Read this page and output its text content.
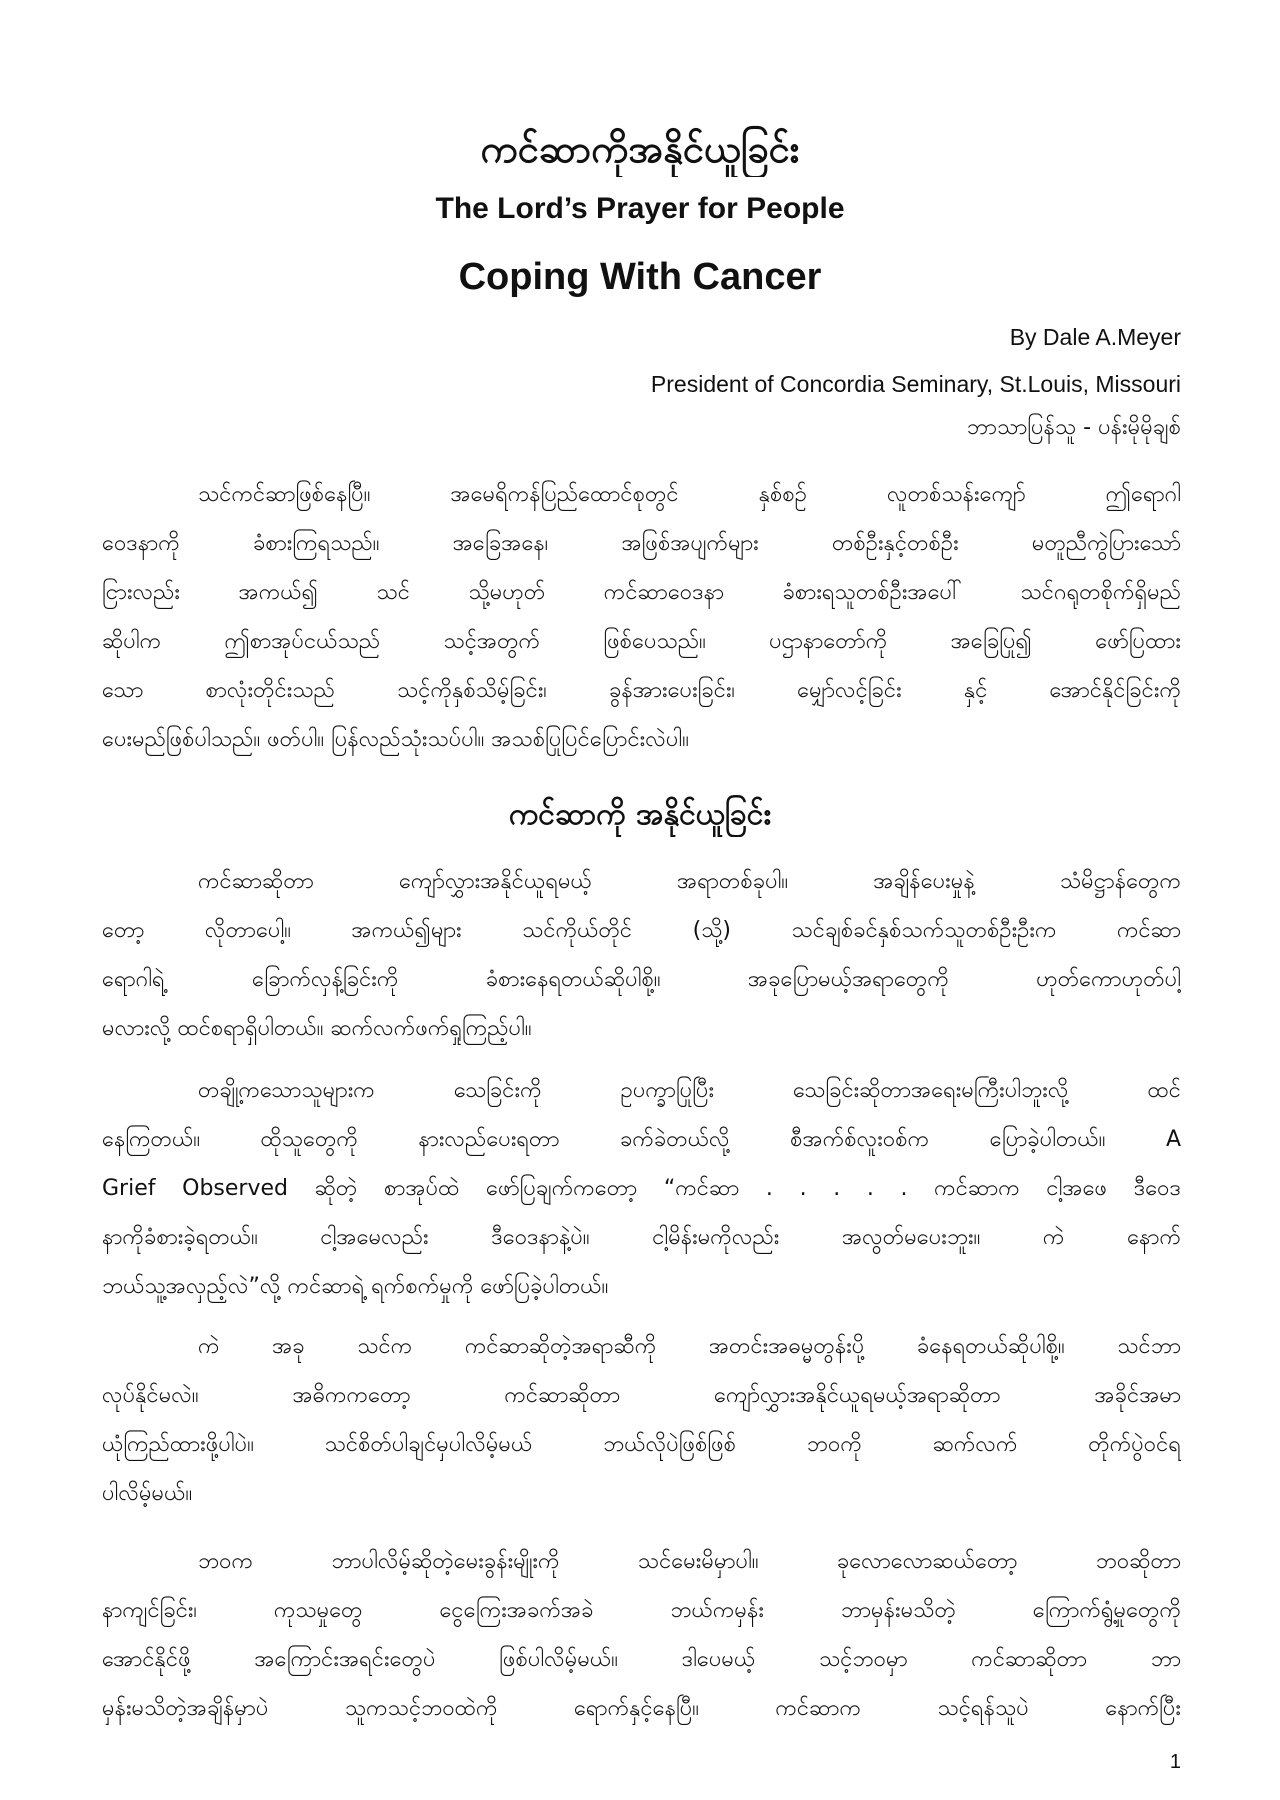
ကင်ဆာကိုအနိုင်ယူခြင်း
The Lord’s Prayer for People
Coping With Cancer
By Dale A.Meyer
President of Concordia Seminary, St.Louis, Missouri
ဘာသာပြန်သူ - ပန်းမိုမိုချစ်
သင်ကင်ဆာဖြစ်နေပြီ။ အမေရိကန်ပြည်ထောင်စုတွင် နှစ်စဉ် လူတစ်သန်းကျော် ဤရောဂါ
ဝေဒနာကို ခံစားကြရသည်။ အခြေအနေ၊ အဖြစ်အပျက်များ တစ်ဦးနှင့်တစ်ဦး မတူညီကွဲပြားသော်
ငြားလည်း အကယ်၍ သင် သို့မဟုတ် ကင်ဆာဝေဒနာ ခံစားရသူတစ်ဦးအပေါ် သင်ဂရုတစိုက်ရှိမည်
ဆိုပါက ဤစာအုပ်ငယ်သည် သင့်အတွက် ဖြစ်ပေသည်။ ပဌာနာတော်ကို အခြေပြု၍ ဖော်ပြထား
သော စာလုံးတိုင်းသည် သင့်ကိုနှစ်သိမ့်ခြင်း၊ ခွန်အားပေးခြင်း၊ မျှော်လင့်ခြင်း နှင့် အောင်နိုင်ခြင်းကို
ပေးမည်ဖြစ်ပါသည်။ ဖတ်ပါ။ ပြန်လည်သုံးသပ်ပါ။ အသစ်ပြုပြင်ပြောင်းလဲပါ။
ကင်ဆာကို အနိုင်ယူခြင်း
ကင်ဆာဆိုတာ ကျော်လွှားအနိုင်ယူရမယ့် အရာတစ်ခုပါ။ အချိန်ပေးမှုနဲ့ သံမိဋ္ဌာန်တွေက
တော့ လိုတာပေါ့။ အကယ်၍များ သင်ကိုယ်တိုင် (သို့) သင်ချစ်ခင်နှစ်သက်သူတစ်ဦးဦးက ကင်ဆာ
ရောဂါရဲ့ ခြောက်လှန့်ခြင်းကို ခံစားနေရတယ်ဆိုပါစို့။ အခုပြောမယ့်အရာတွေကို ဟုတ်ကောဟုတ်ပါ့
မလားလို့ ထင်စရာရှိပါတယ်။ ဆက်လက်ဖက်ရှုကြည့်ပါ။
တချို့ကသောသူများက သေခြင်းကို ဥပက္ခာပြုပြီး သေခြင်းဆိုတာအရေးမကြီးပါဘူးလို့ ထင်
နေကြတယ်။ ထိုသူတွေကို နားလည်ပေးရတာ ခက်ခဲတယ်လို့ စီအက်စ်လူးဝစ်က ပြောခဲ့ပါတယ်။ A
Grief Observed ဆိုတဲ့ စာအုပ်ထဲ ဖော်ပြချက်ကတော့ “ကင်ဆာ . . . . . ကင်ဆာက ငါ့အဖေ ဒီဝေဒ
နာကိုခံစားခဲ့ရတယ်။ ငါ့အမေလည်း ဒီဝေဒနာနဲ့ပဲ။ ငါ့မိန်းမကိုလည်း အလွတ်မပေးဘူး။ ကဲ နောက်
ဘယ်သူ့အလှည့်လဲ”လို့ ကင်ဆာရဲ့ ရက်စက်မှုကို ဖော်ပြခဲ့ပါတယ်။
ကဲ အခု သင်က ကင်ဆာဆိုတဲ့အရာဆီကို အတင်းအဓမ္မတွန်းပို့ ခံနေရတယ်ဆိုပါစို့။ သင်ဘာ
လုပ်နိုင်မလဲ။ အဓိကကတော့ ကင်ဆာဆိုတာ ကျော်လွှားအနိုင်ယူရမယ့်အရာဆိုတာ အခိုင်အမာ
ယုံကြည်ထားဖို့ပါပဲ။ သင်စိတ်ပါချင်မှပါလိမ့်မယ် ဘယ်လိုပဲဖြစ်ဖြစ် ဘဝကို ဆက်လက် တိုက်ပွဲဝင်ရ
ပါလိမ့်မယ်။
ဘဝက ဘာပါလိမ့်ဆိုတဲ့မေးခွန်းမျိုးကို သင်မေးမိမှာပါ။ ခုလောလောဆယ်တော့ ဘဝဆိုတာ
နာကျင်ခြင်း၊ ကုသမှုတွေ ငွေကြေးအခက်အခဲ ဘယ်ကမှန်း ဘာမှန်းမသိတဲ့ ကြောက်ရွံ့မှုတွေကို
အောင်နိုင်ဖို့ အကြောင်းအရင်းတွေပဲ ဖြစ်ပါလိမ့်မယ်။ ဒါပေမယ့် သင့်ဘဝမှာ ကင်ဆာဆိုတာ ဘာ
မှန်းမသိတဲ့အချိန်မှာပဲ သူကသင့်ဘဝထဲကို ရောက်နှင့်နေပြီ။ ကင်ဆာက သင့်ရန်သူပဲ နောက်ပြီး
1
